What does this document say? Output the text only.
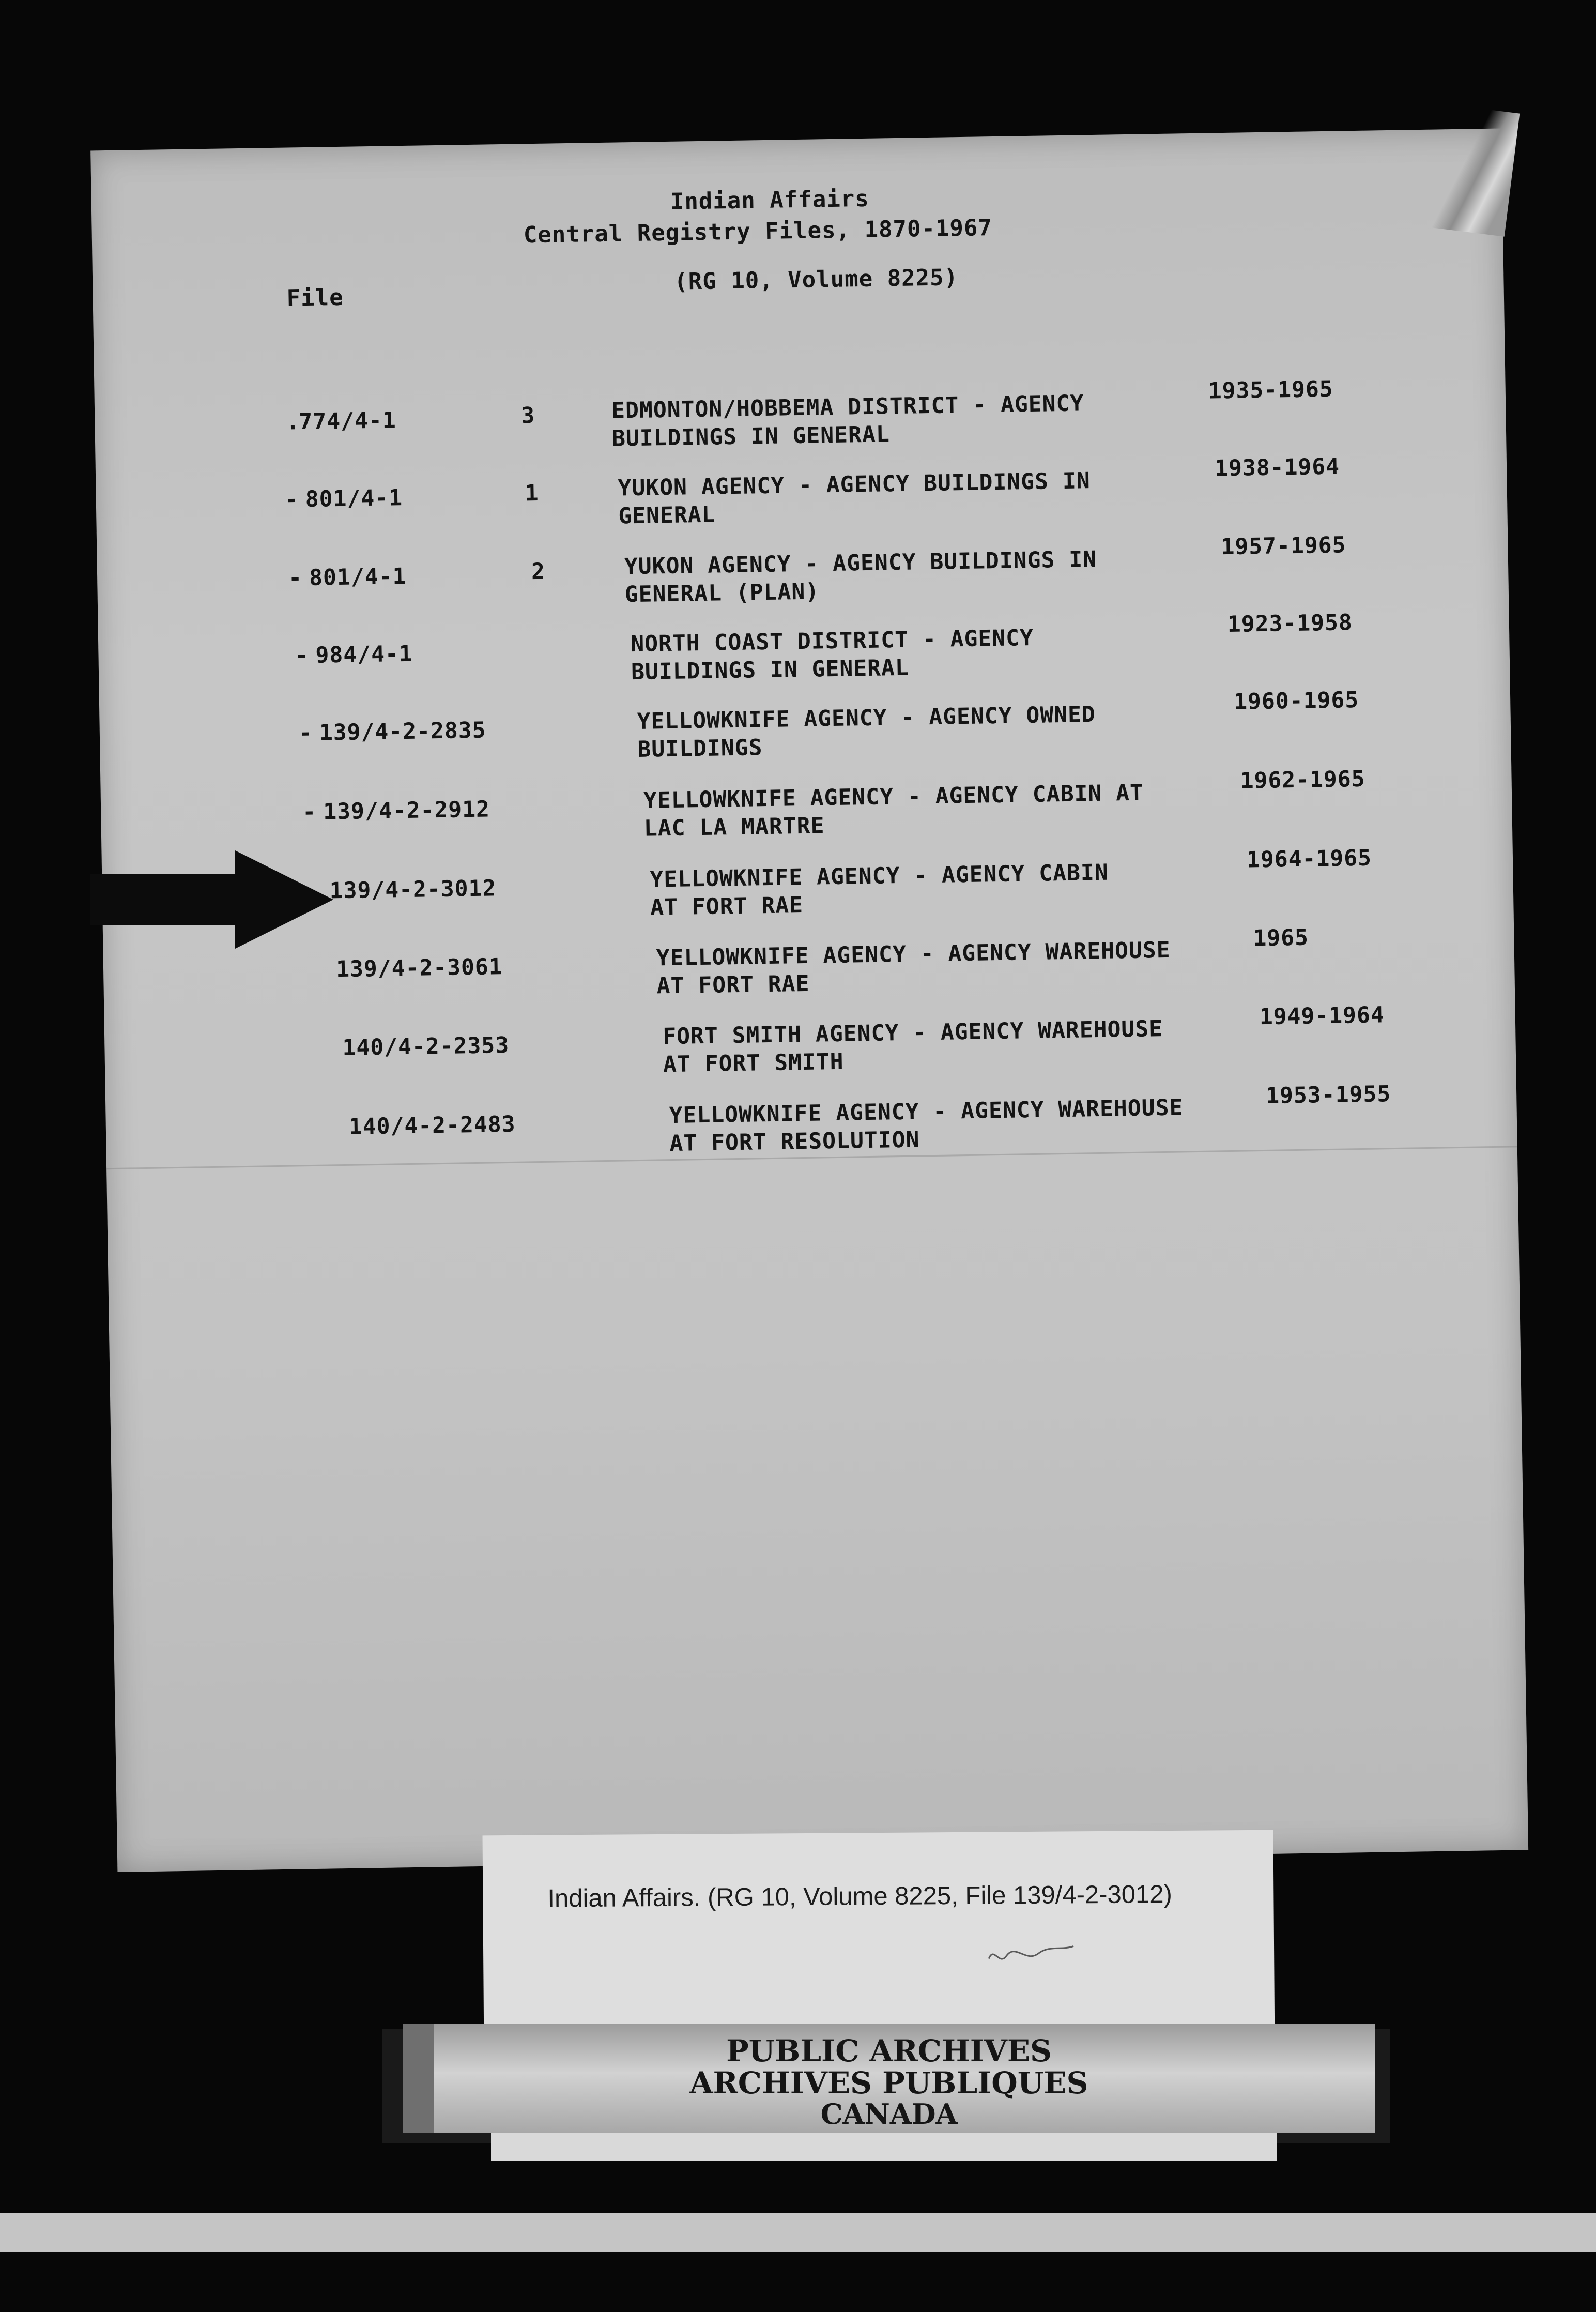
Indian Affairs
Central Registry Files, 1870-1967
(RG 10, Volume 8225)
File
.
774/4-1	3	EDMONTON/HOBBEMA DISTRICT - AGENCY
BUILDINGS IN GENERAL
1935-1965
- 801/4-1	1	YUKON AGENCY - AGENCY BUILDINGS IN
GENERAL
1938-1964
- 801/4-1	2	YUKON AGENCY - AGENCY BUILDINGS IN
GENERAL (PLAN)
1957-1965
- 984/4-1	NORTH COAST DISTRICT - AGENCY
BUILDINGS IN GENERAL
1923-1958
- 139/4-2-2835	YELLOWKNIFE AGENCY - AGENCY OWNED
BUILDINGS
1960-1965
- 139/4-2-2912	YELLOWKNIFE AGENCY - AGENCY CABIN AT
LAC LA MARTRE
1962-1965
139/4-2-3012	YELLOWKNIFE AGENCY - AGENCY CABIN
AT FORT RAE
1964-1965
139/4-2-3061	YELLOWKNIFE AGENCY - AGENCY WAREHOUSE
AT FORT RAE
1965
140/4-2-2353	FORT SMITH AGENCY - AGENCY WAREHOUSE
AT FORT SMITH
1949-1964
140/4-2-2483	YELLOWKNIFE AGENCY - AGENCY WAREHOUSE
AT FORT RESOLUTION
1953-1955
Indian Affairs. (RG 10, Volume 8225, File 139/4-2-3012)
PUBLIC ARCHIVES
ARCHIVES PUBLIQUES
CANADA
